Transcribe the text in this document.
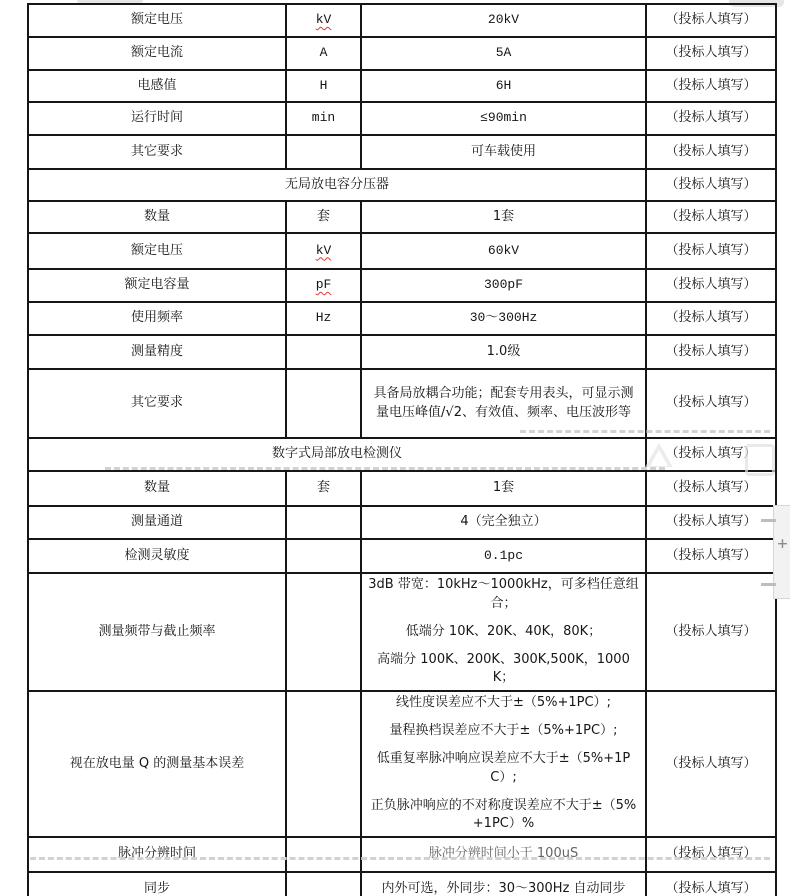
额定电压	kV	20kV	（投标人填写）
额定电流	A	5A	（投标人填写）
电感值	H	6H	（投标人填写）
运行时间	min	≤90min	（投标人填写）
其它要求		可车载使用	（投标人填写）
无局放电容分压器			（投标人填写）
数量	套	1套	（投标人填写）
额定电压	kV	60kV	（投标人填写）
额定电容量	pF	300pF	（投标人填写）
使用频率	Hz	30～300Hz	（投标人填写）
测量精度		1.0级	（投标人填写）
其它要求		具备局放耦合功能；配套专用表头，可显示测量电压峰值/√2、有效值、频率、电压波形等	（投标人填写）
数字式局部放电检测仪			（投标人填写）
数量	套	1套	（投标人填写）
测量通道		4（完全独立）	（投标人填写）
检测灵敏度		0.1pc	（投标人填写）
测量频带与截止频率		3dB 带宽：10kHz～1000kHz，可多档任意组合；
低端分 10K、20K、40K，80K；
高端分 100K、200K、300K,500K，1000K；	（投标人填写）
视在放电量 Q 的测量基本误差		线性度误差应不大于±（5%+1PC）;
量程换档误差应不大于±（5%+1PC）;
低重复率脉冲响应误差应不大于±（5%+1PC）;
正负脉冲响应的不对称度误差应不大于±（5%+1PC）%	（投标人填写）
脉冲分辨时间		脉冲分辨时间小于 100uS	（投标人填写）
同步		内外可选，外同步：30～300Hz 自动同步	（投标人填写）

+
